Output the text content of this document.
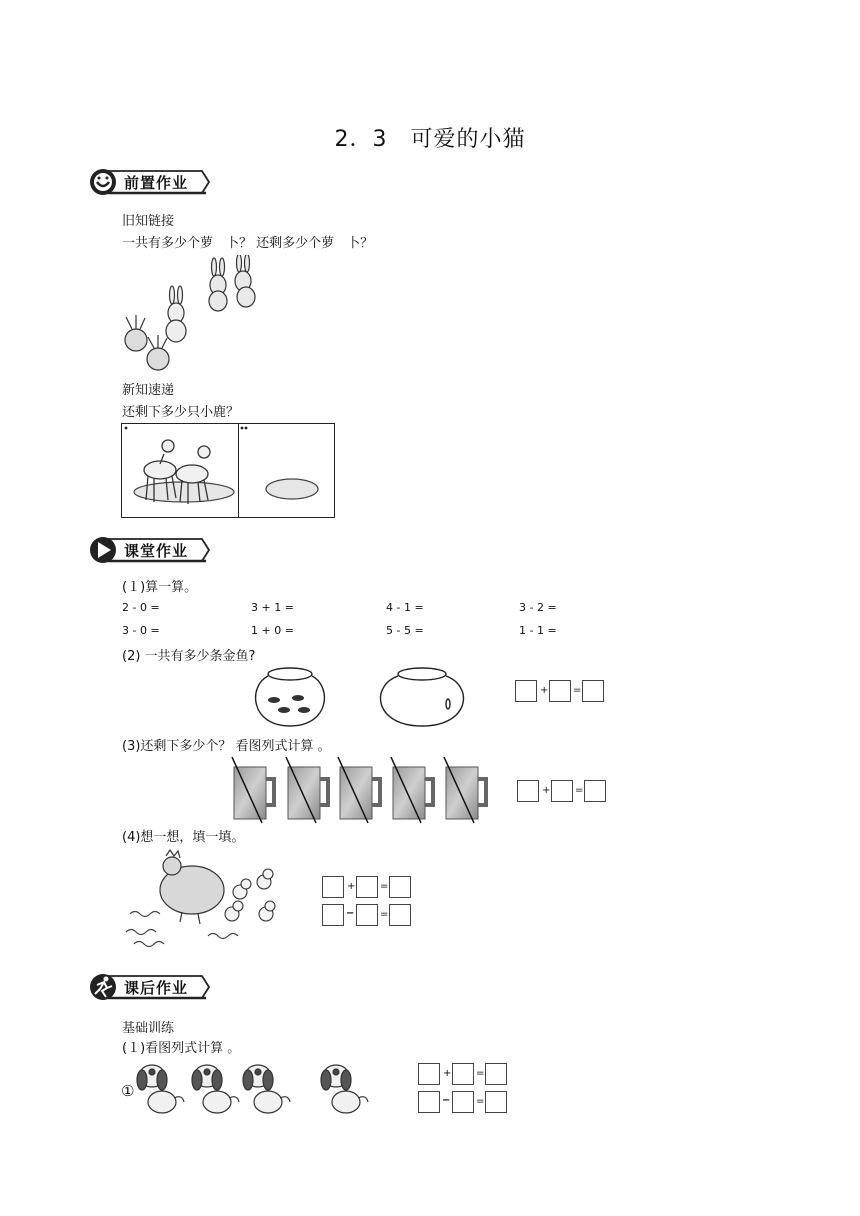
2．3　可爱的小猫
前置作业
旧知链接
一共有多少个萝　卜？ 还剩多少个萝　卜？
新知速递
还剩下多少只小鹿？
课堂作业
(１)算一算。
2 - 0 =	3 + 1 =	4 - 1 =	3 - 2 =
3 - 0 =	1 + 0 =	5 - 5 =	1 - 1 =
(2) 一共有多少条金鱼?
+ =
(3)还剩下多少个？ 看图列式计算 。
+ =
(4)想一想，填一填。
+ =
−	=
课后作业
基础训练
(１)看图列式计算 。
①
+ =
−	=
